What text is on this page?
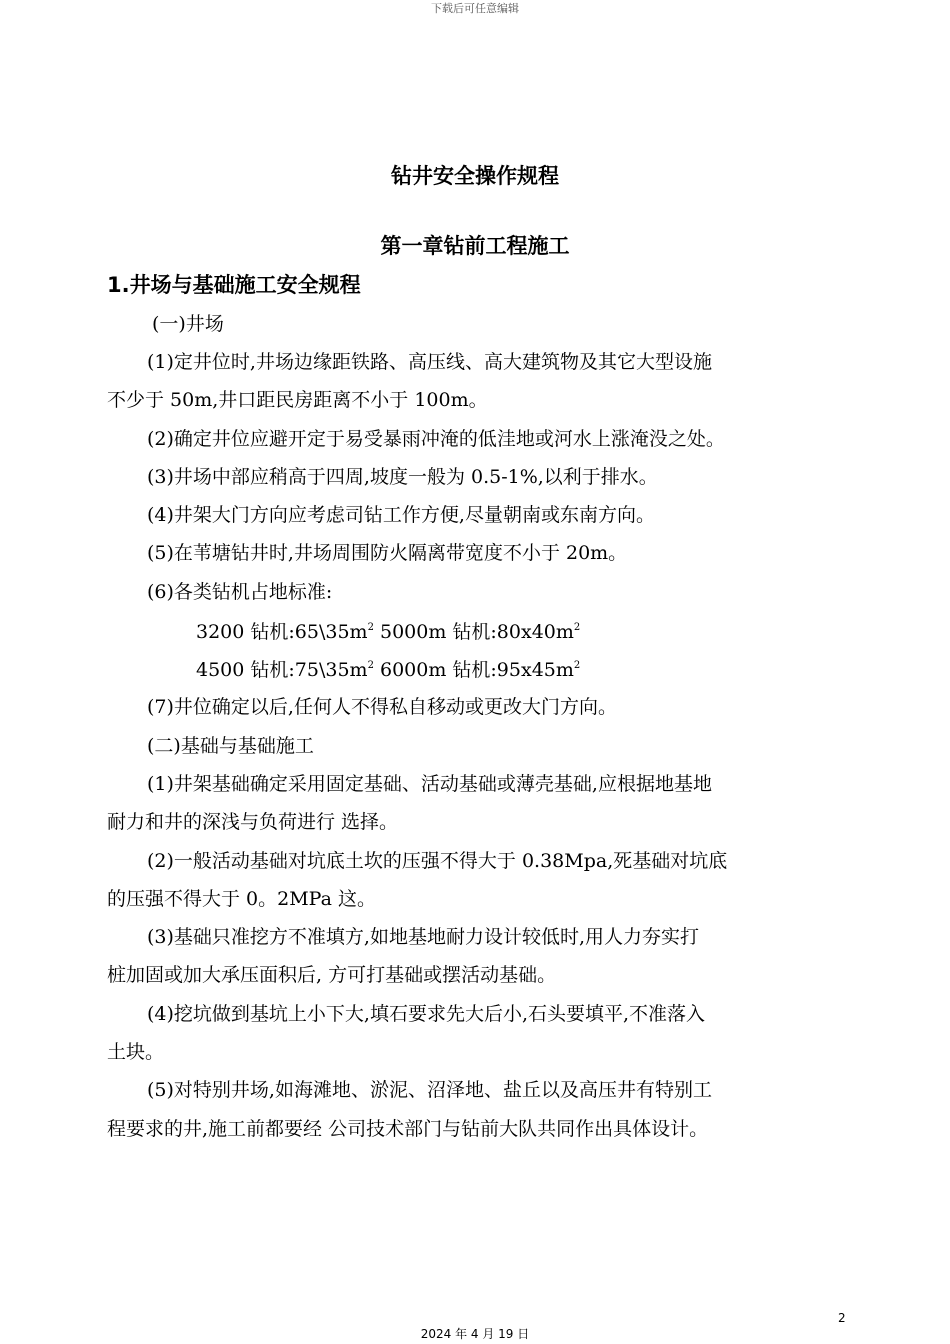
下载后可任意编辑
钻井安全操作规程
第一章钻前工程施工
1.井场与基础施工安全规程
(一)井场
(1)定井位时,井场边缘距铁路、高压线、高大建筑物及其它大型设施
不少于 50m,井口距民房距离不小于 100m。
(2)确定井位应避开定于易受暴雨冲淹的低洼地或河水上涨淹没之处。
(3)井场中部应稍高于四周,坡度一般为 0.5-1%,以利于排水。
(4)井架大门方向应考虑司钻工作方便,尽量朝南或东南方向。
(5)在苇塘钻井时,井场周围防火隔离带宽度不小于 20m。
(6)各类钻机占地标准:
3200 钻机$:65\backslash 35m^2$ 5000m 钻机$:80ⅹ40m^2$
4500 钻机$:75\backslash 35m^2$ 6000m 钻机$:95ⅹ45m^2$
(7)井位确定以后,任何人不得私自移动或更改大门方向。
(二)基础与基础施工
(1)井架基础确定采用固定基础、活动基础或薄壳基础,应根据地基地
耐力和井的深浅与负荷进行 选择。
(2)一般活动基础对坑底土坎的压强不得大于 0.38Mpa,死基础对坑底
的压强不得大于 0。2MPa 这。
(3)基础只准挖方不准填方,如地基地耐力设计较低时,用人力夯实打
桩加固或加大承压面积后, 方可打基础或摆活动基础。
(4)挖坑做到基坑上小下大,填石要求先大后小,石头要填平,不准落入
土块。
(5)对特别井场,如海滩地、淤泥、沼泽地、盐丘以及高压井有特别工
程要求的井,施工前都要经 公司技术部门与钻前大队共同作出具体设计。
2
2024 年 4 月 19 日
